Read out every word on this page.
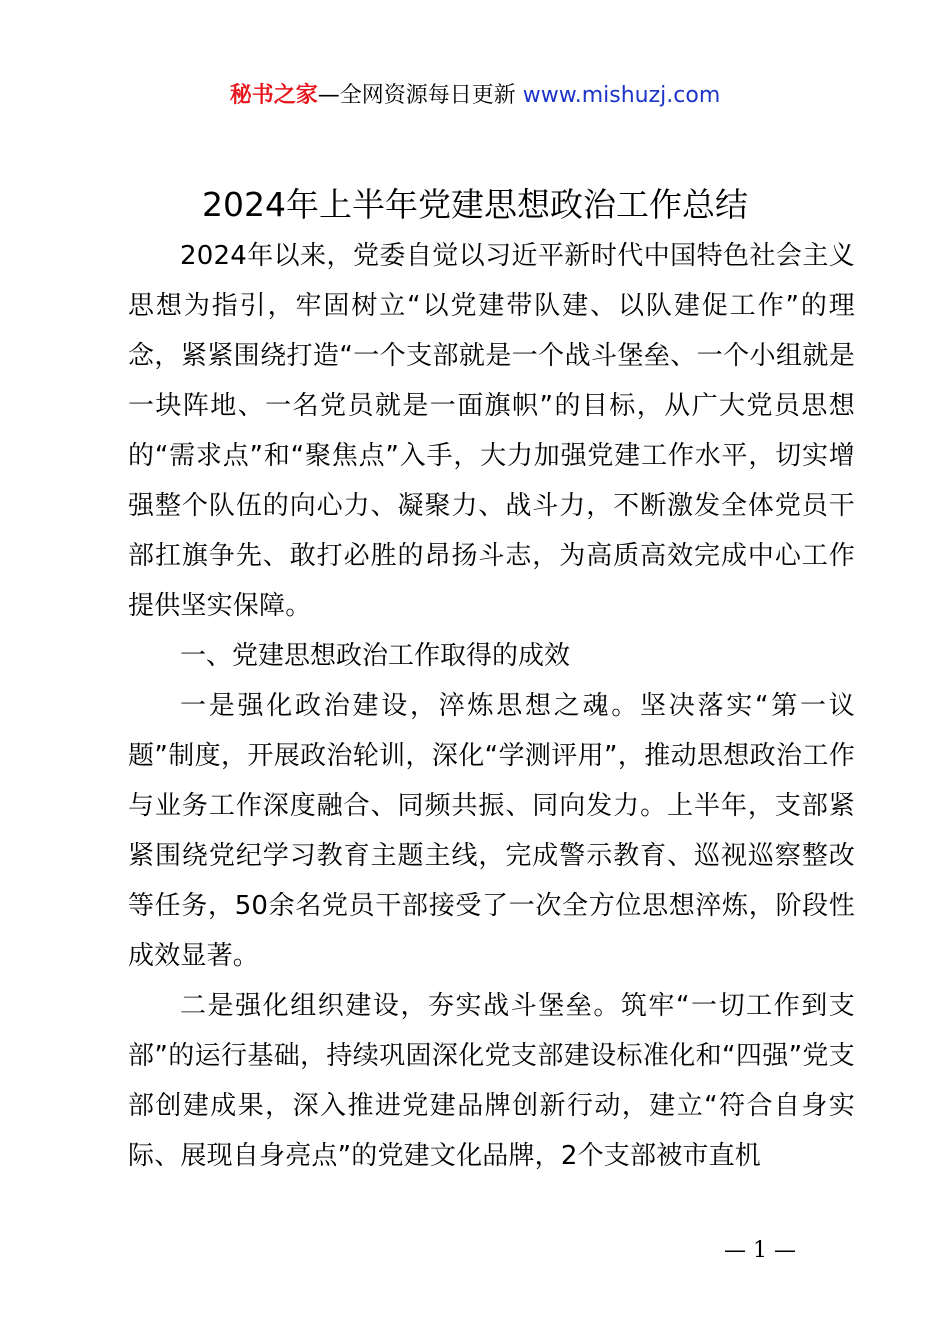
秘书之家—全网资源每日更新 www.mishuzj.com
2024年上半年党建思想政治工作总结

2024年以来，党委自觉以习近平新时代中国特色社会主义思想为指引，牢固树立“以党建带队建、以队建促工作”的理念，紧紧围绕打造“一个支部就是一个战斗堡垒、一个小组就是一块阵地、一名党员就是一面旗帜”的目标，从广大党员思想的“需求点”和“聚焦点”入手，大力加强党建工作水平，切实增强整个队伍的向心力、凝聚力、战斗力，不断激发全体党员干部扛旗争先、敢打必胜的昂扬斗志，为高质高效完成中心工作提供坚实保障。

一、党建思想政治工作取得的成效

一是强化政治建设，淬炼思想之魂。坚决落实“第一议题”制度，开展政治轮训，深化“学测评用”，推动思想政治工作与业务工作深度融合、同频共振、同向发力。上半年，支部紧紧围绕党纪学习教育主题主线，完成警示教育、巡视巡察整改等任务，50余名党员干部接受了一次全方位思想淬炼，阶段性成效显著。

二是强化组织建设，夯实战斗堡垒。筑牢“一切工作到支部”的运行基础，持续巩固深化党支部建设标准化和“四强”党支部创建成果，深入推进党建品牌创新行动，建立“符合自身实际、展现自身亮点”的党建文化品牌，2个支部被市直机

— 1 —
